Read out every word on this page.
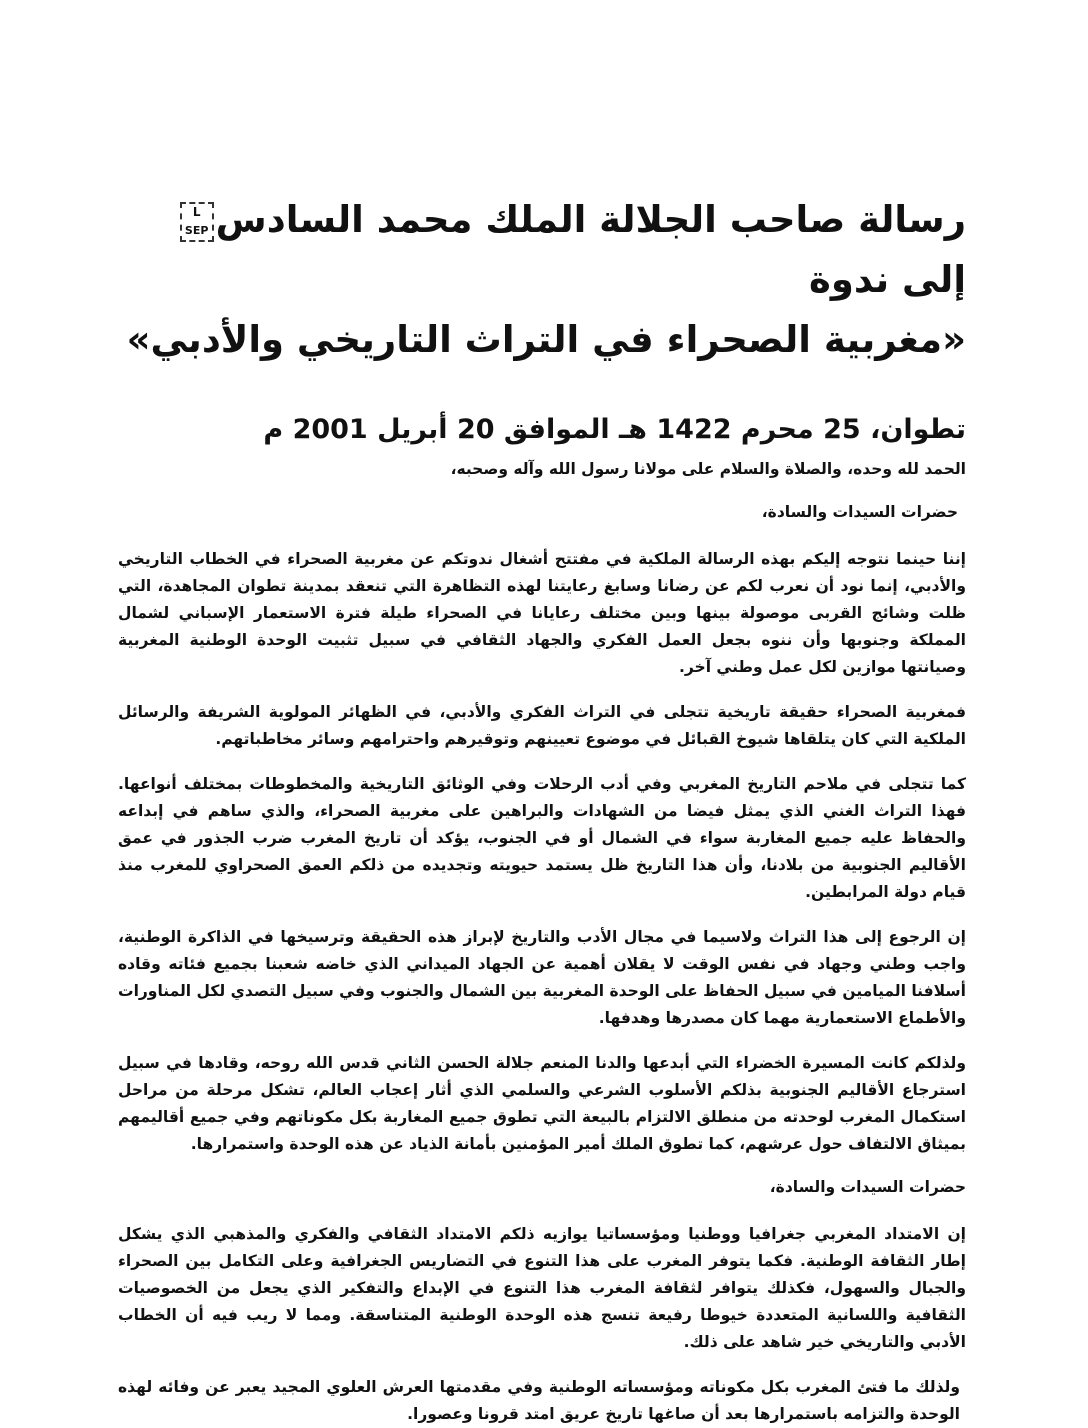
رسالة صاحب الجلالة الملك محمد السادس
L
SEP
إلى ندوة
«مغربية الصحراء في التراث التاريخي والأدبي»
تطوان، 25 محرم 1422 هـ الموافق 20 أبريل 2001 م

الحمد لله وحده، والصلاة والسلام على مولانا رسول الله وآله وصحبه،

حضرات السيدات والسادة،

إننا حينما نتوجه إليكم بهذه الرسالة الملكية في مفتتح أشغال ندوتكم عن مغربية الصحراء في الخطاب التاريخي والأدبي، إنما نود أن نعرب لكم عن رضانا وسابغ رعايتنا لهذه التظاهرة التي تنعقد بمدينة تطوان المجاهدة، التي ظلت وشائج القربى موصولة بينها وبين مختلف رعايانا في الصحراء طيلة فترة الاستعمار الإسباني لشمال المملكة وجنوبها وأن ننوه بجعل العمل الفكري والجهاد الثقافي في سبيل تثبيت الوحدة الوطنية المغربية وصيانتها موازين لكل عمل وطني آخر.

فمغربية الصحراء حقيقة تاريخية تتجلى في التراث الفكري والأدبي، في الظهائر المولوية الشريفة والرسائل الملكية التي كان يتلقاها شيوخ القبائل في موضوع تعيينهم وتوقيرهم واحترامهم وسائر مخاطباتهم.

كما تتجلى في ملاحم التاريخ المغربي وفي أدب الرحلات وفي الوثائق التاريخية والمخطوطات بمختلف أنواعها. فهذا التراث الغني الذي يمثل فيضا من الشهادات والبراهين على مغربية الصحراء، والذي ساهم في إبداعه والحفاظ عليه جميع المغاربة سواء في الشمال أو في الجنوب، يؤكد أن تاريخ المغرب ضرب الجذور في عمق الأقاليم الجنوبية من بلادنا، وأن هذا التاريخ ظل يستمد حيويته وتجديده من ذلكم العمق الصحراوي للمغرب منذ قيام دولة المرابطين.

إن الرجوع إلى هذا التراث ولاسيما في مجال الأدب والتاريخ لإبراز هذه الحقيقة وترسيخها في الذاكرة الوطنية، واجب وطني وجهاد في نفس الوقت لا يقلان أهمية عن الجهاد الميداني الذي خاضه شعبنا بجميع فئاته وقاده أسلافنا الميامين في سبيل الحفاظ على الوحدة المغربية بين الشمال والجنوب وفي سبيل التصدي لكل المناورات والأطماع الاستعمارية مهما كان مصدرها وهدفها.

ولذلكم كانت المسيرة الخضراء التي أبدعها والدنا المنعم جلالة الحسن الثاني قدس الله روحه، وقادها في سبيل استرجاع الأقاليم الجنوبية بذلكم الأسلوب الشرعي والسلمي الذي أثار إعجاب العالم، تشكل مرحلة من مراحل استكمال المغرب لوحدته من منطلق الالتزام بالبيعة التي تطوق جميع المغاربة بكل مكوناتهم وفي جميع أقاليمهم بميثاق الالتفاف حول عرشهم، كما تطوق الملك أمير المؤمنين بأمانة الذياد عن هذه الوحدة واستمرارها.

حضرات السيدات والسادة،

إن الامتداد المغربي جغرافيا ووطنيا ومؤسساتيا يوازيه ذلكم الامتداد الثقافي والفكري والمذهبي الذي يشكل إطار الثقافة الوطنية. فكما يتوفر المغرب على هذا التنوع في التضاريس الجغرافية وعلى التكامل بين الصحراء والجبال والسهول، فكذلك يتوافر لثقافة المغرب هذا التنوع في الإبداع والتفكير الذي يجعل من الخصوصيات الثقافية واللسانية المتعددة خيوطا رفيعة تنسج هذه الوحدة الوطنية المتناسقة. ومما لا ريب فيه أن الخطاب الأدبي والتاريخي خير شاهد على ذلك.

ولذلك ما فتئ المغرب بكل مكوناته ومؤسساته الوطنية وفي مقدمتها العرش العلوي المجيد يعبر عن وفائه لهذه الوحدة والتزامه باستمرارها بعد أن صاغها تاريخ عريق امتد قرونا وعصورا.
